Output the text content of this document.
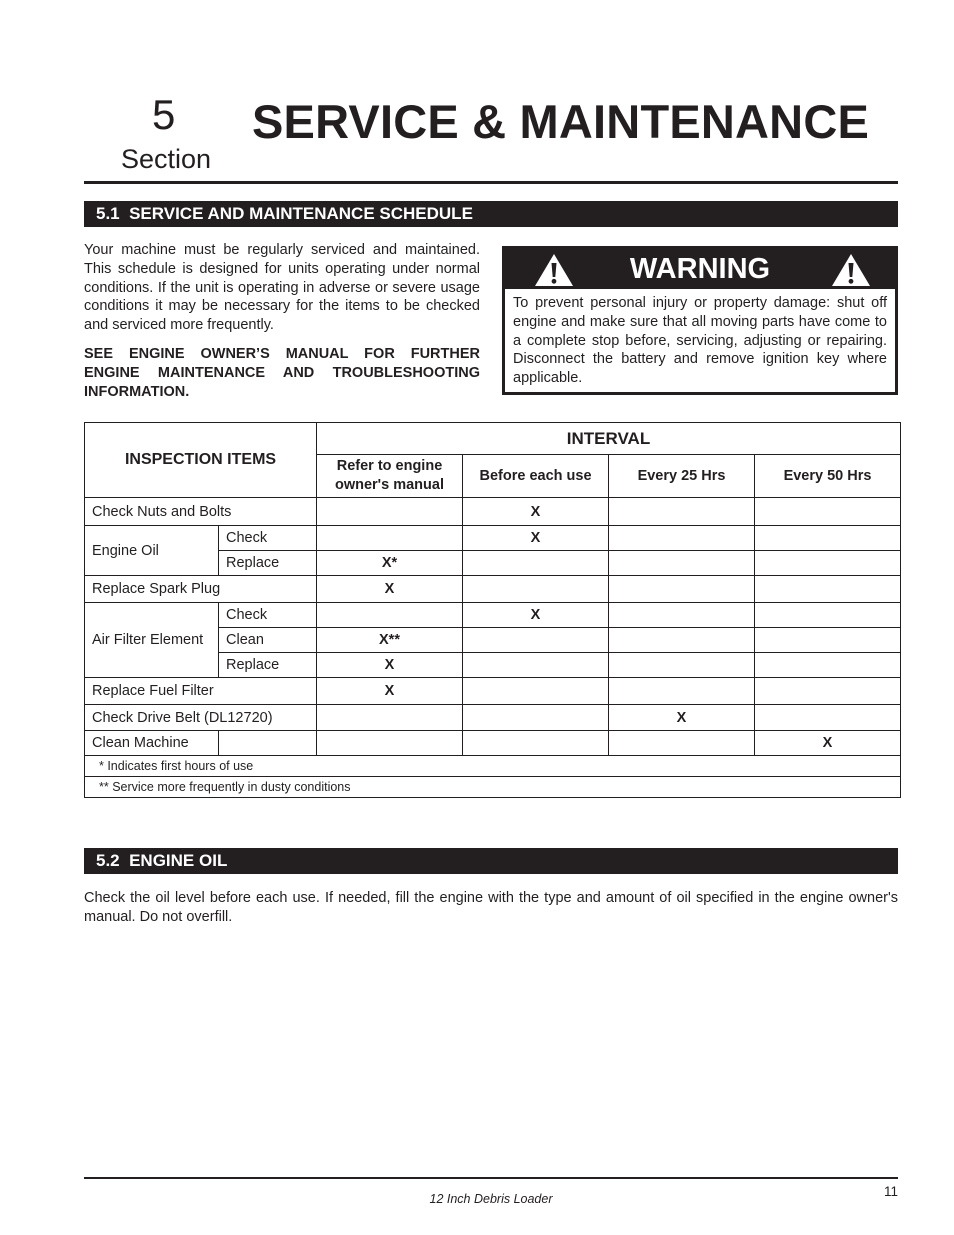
5
Section
SERVICE & MAINTENANCE
5.1 SERVICE AND MAINTENANCE SCHEDULE

Your machine must be regularly serviced and maintained. This schedule is designed for units operating under normal conditions. If the unit is operating in adverse or severe usage conditions it may be necessary for the items to be checked and serviced more frequently.

SEE ENGINE OWNER’S MANUAL FOR FURTHER ENGINE MAINTENANCE AND TROUBLESHOOTING INFORMATION.

WARNING

To prevent personal injury or property damage: shut off engine and make sure that all moving parts have come to a complete stop before, servicing, adjusting or repairing. Disconnect the battery and remove ignition key where applicable.

INSPECTION ITEMS		INTERVAL			
		Refer to engine owner's manual	Before each use	Every 25 Hrs	Every 50 Hrs
Check Nuts and Bolts			X		
Engine Oil	Check		X		
	Replace	X*			
Replace Spark Plug		X			
Air Filter Element	Check		X		
	Clean	X**			
	Replace	X			
Replace Fuel Filter		X			
Check Drive Belt (DL12720)				X	
Clean Machine					X
* Indicates first hours of use					
** Service more frequently in dusty conditions					
5.2 ENGINE OIL

Check the oil level before each use. If needed, fill the engine with the type and amount of oil specified in the engine owner's manual. Do not overfill.

12 Inch Debris Loader	11
